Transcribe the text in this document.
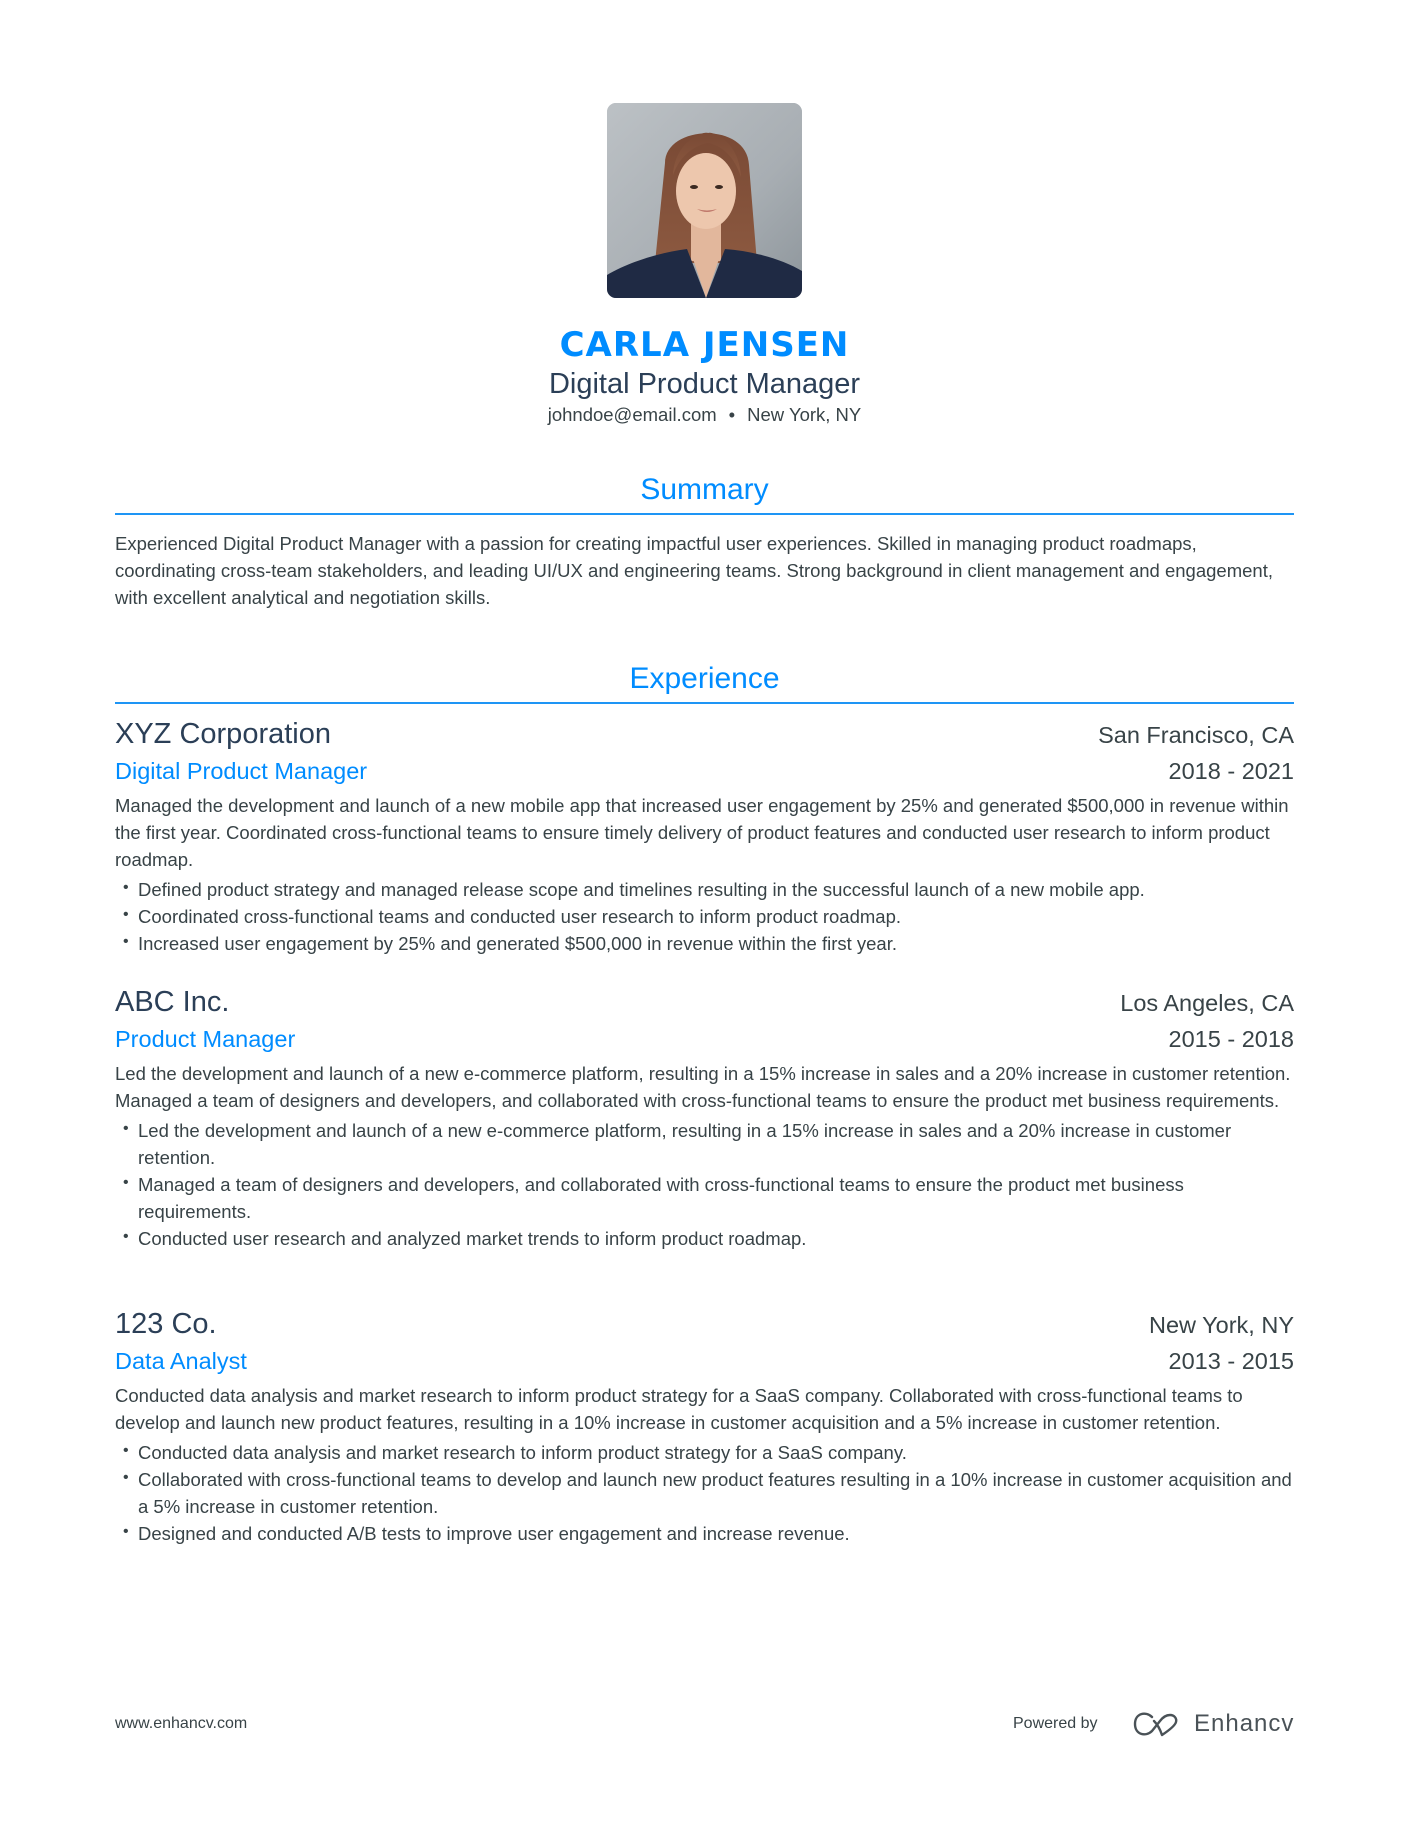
CARLA JENSEN
Digital Product Manager
johndoe@email.com • New York, NY
Summary
Experienced Digital Product Manager with a passion for creating impactful user experiences. Skilled in managing product roadmaps, coordinating cross-team stakeholders, and leading UI/UX and engineering teams. Strong background in client management and engagement, with excellent analytical and negotiation skills.
Experience
XYZ Corporation	San Francisco, CA
Digital Product Manager	2018 - 2021
Managed the development and launch of a new mobile app that increased user engagement by 25% and generated $500,000 in revenue within the first year. Coordinated cross-functional teams to ensure timely delivery of product features and conducted user research to inform product roadmap.
• Defined product strategy and managed release scope and timelines resulting in the successful launch of a new mobile app.
• Coordinated cross-functional teams and conducted user research to inform product roadmap.
• Increased user engagement by 25% and generated $500,000 in revenue within the first year.
ABC Inc.	Los Angeles, CA
Product Manager	2015 - 2018
Led the development and launch of a new e-commerce platform, resulting in a 15% increase in sales and a 20% increase in customer retention. Managed a team of designers and developers, and collaborated with cross-functional teams to ensure the product met business requirements.
• Led the development and launch of a new e-commerce platform, resulting in a 15% increase in sales and a 20% increase in customer retention.
• Managed a team of designers and developers, and collaborated with cross-functional teams to ensure the product met business requirements.
• Conducted user research and analyzed market trends to inform product roadmap.
123 Co.	New York, NY
Data Analyst	2013 - 2015
Conducted data analysis and market research to inform product strategy for a SaaS company. Collaborated with cross-functional teams to develop and launch new product features, resulting in a 10% increase in customer acquisition and a 5% increase in customer retention.
• Conducted data analysis and market research to inform product strategy for a SaaS company.
• Collaborated with cross-functional teams to develop and launch new product features resulting in a 10% increase in customer acquisition and a 5% increase in customer retention.
• Designed and conducted A/B tests to improve user engagement and increase revenue.
www.enhancv.com	Powered by	Enhancv
